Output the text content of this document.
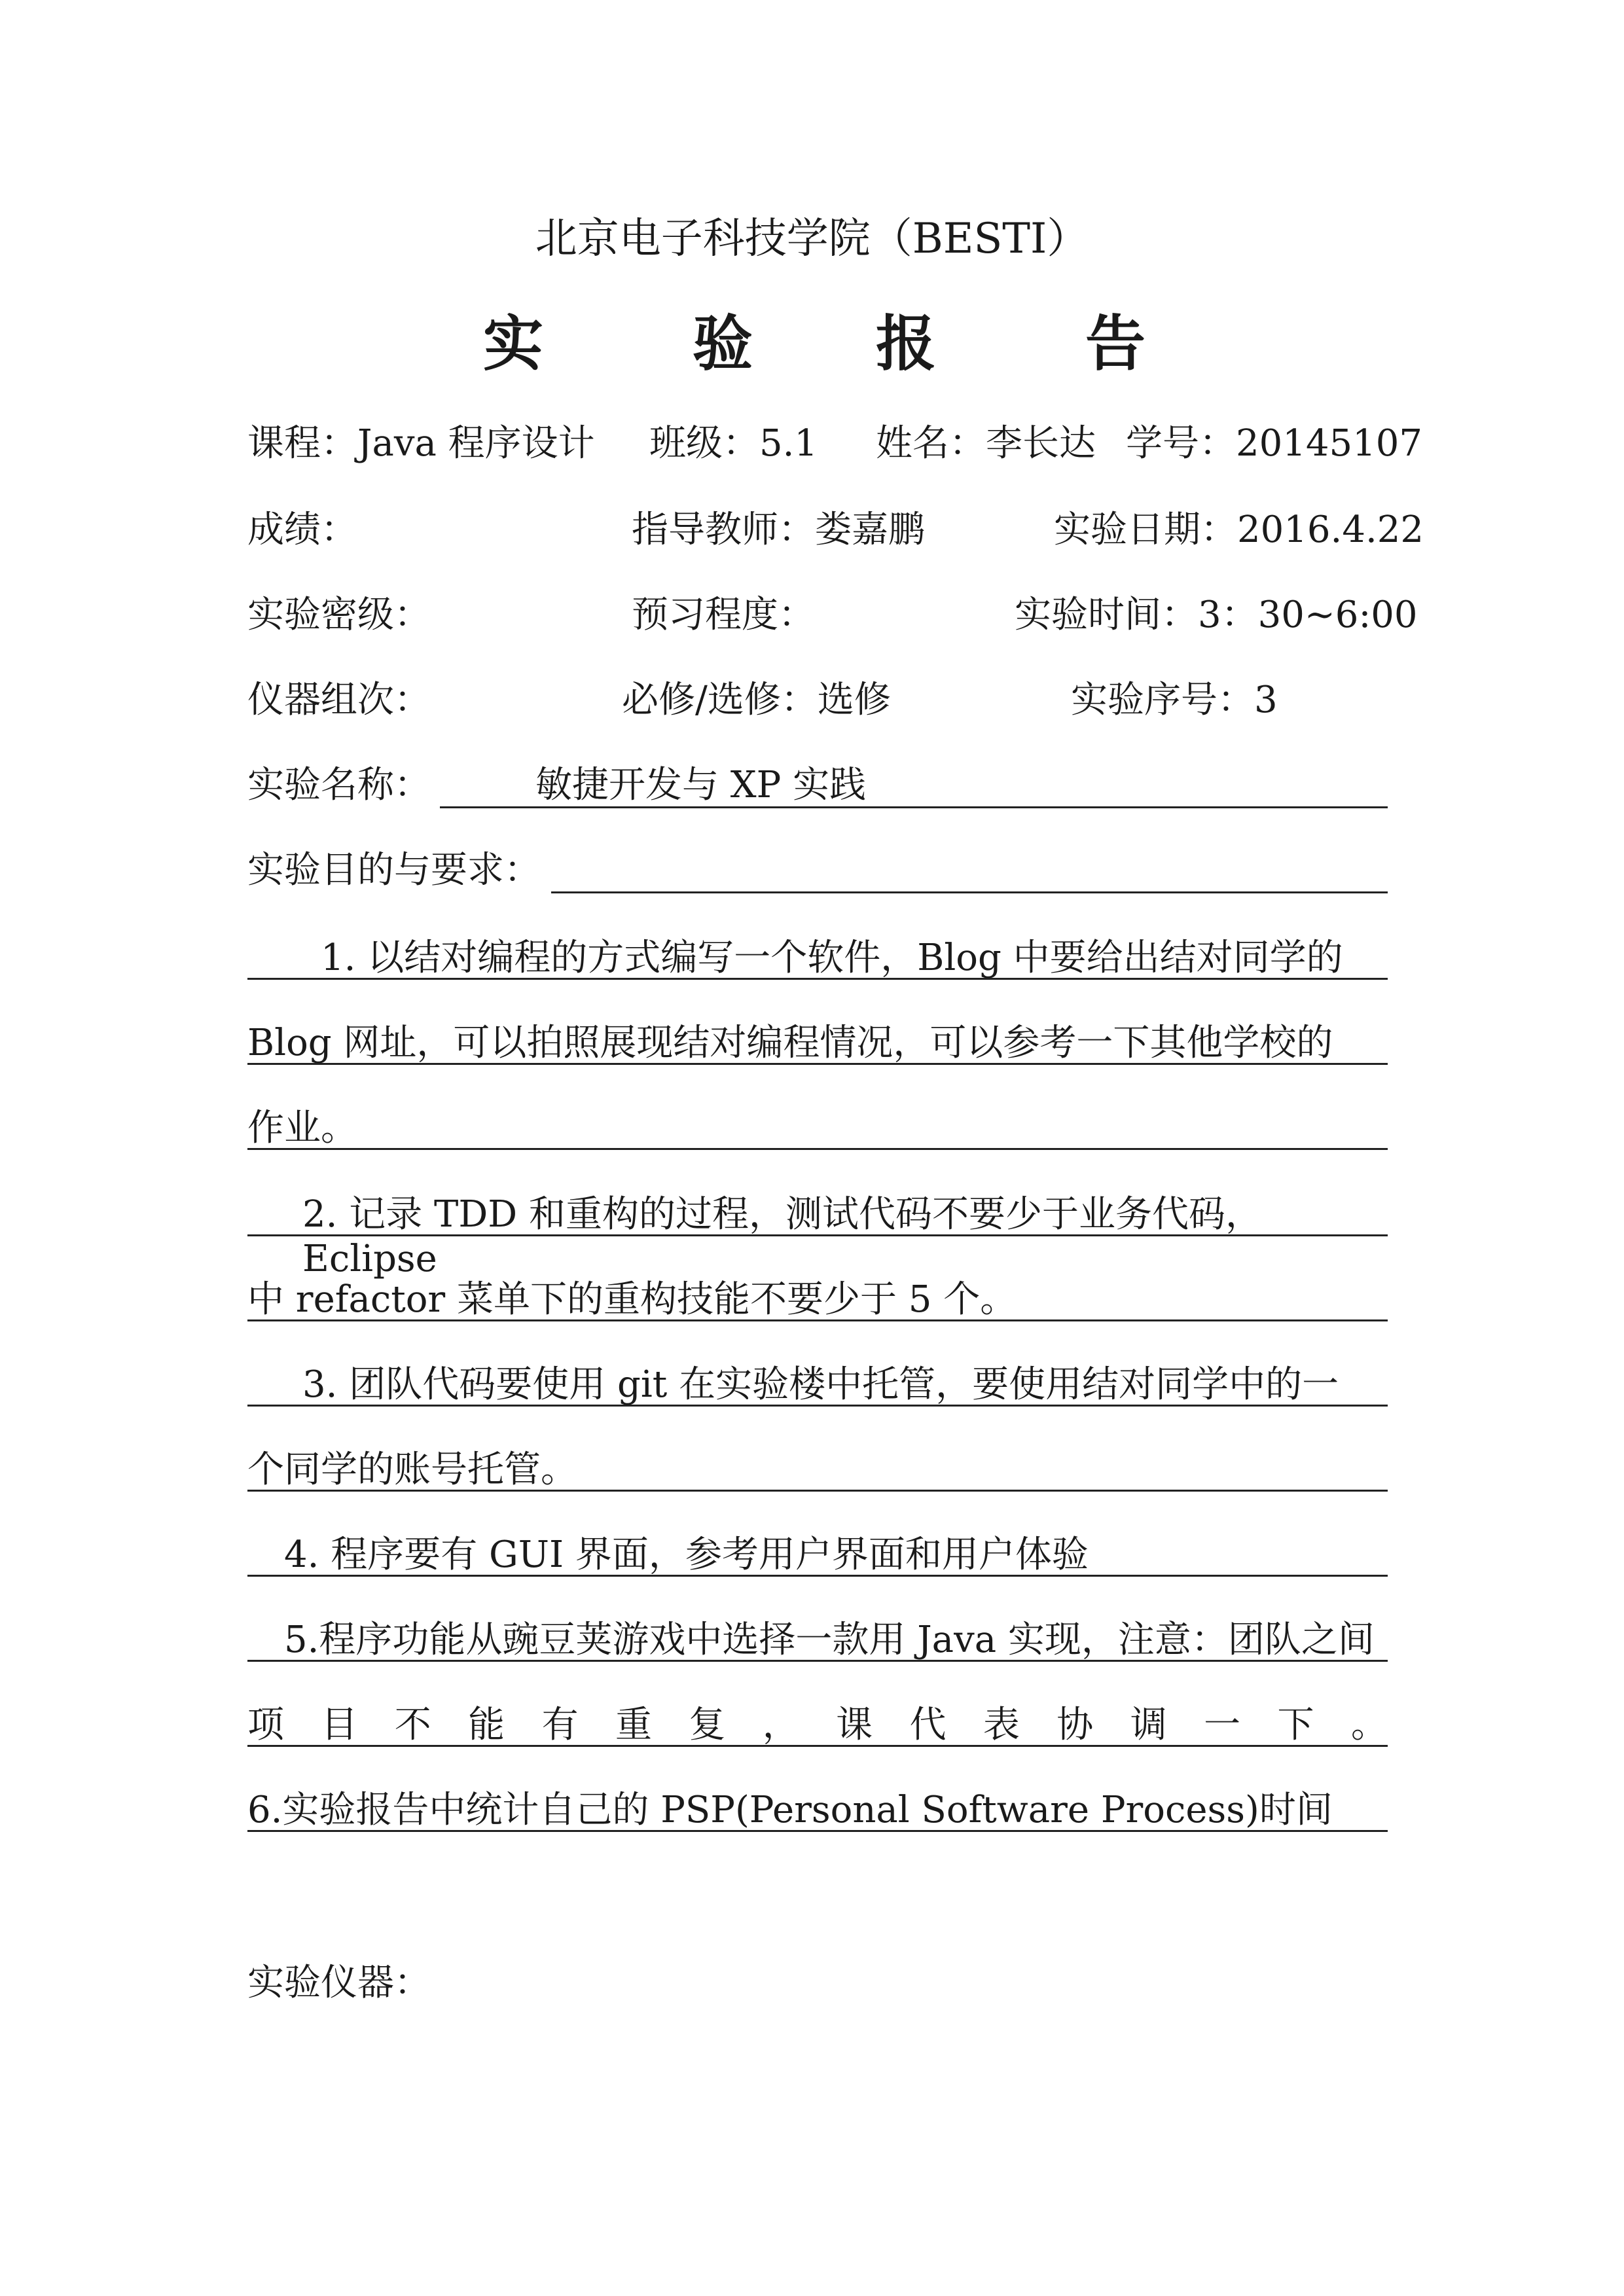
北京电子科技学院（BESTI）
实 验 报 告
课程：Java 程序设计 班级：5.1 姓名：李长达 学号：20145107
成绩：	指导教师：娄嘉鹏	实验日期：2016.4.22
实验密级：	预习程度：	实验时间：3：30~6:00
仪器组次：	必修/选修：选修	实验序号：3
实验名称：	敏捷开发与 XP 实践
实验目的与要求：
1. 以结对编程的方式编写一个软件，Blog 中要给出结对同学的
Blog 网址，可以拍照展现结对编程情况，可以参考一下其他学校的
作业。
2. 记录 TDD 和重构的过程，测试代码不要少于业务代码，Eclipse
中 refactor 菜单下的重构技能不要少于 5 个。
3. 团队代码要使用 git 在实验楼中托管，要使用结对同学中的一
个同学的账号托管。
4. 程序要有 GUI 界面，参考用户界面和用户体验
5.程序功能从豌豆荚游戏中选择一款用 Java 实现，注意：团队之间
项 目 不 能 有 重 复 ， 课 代 表 协 调 一 下 。
6.实验报告中统计自己的 PSP(Personal Software Process)时间
实验仪器：
